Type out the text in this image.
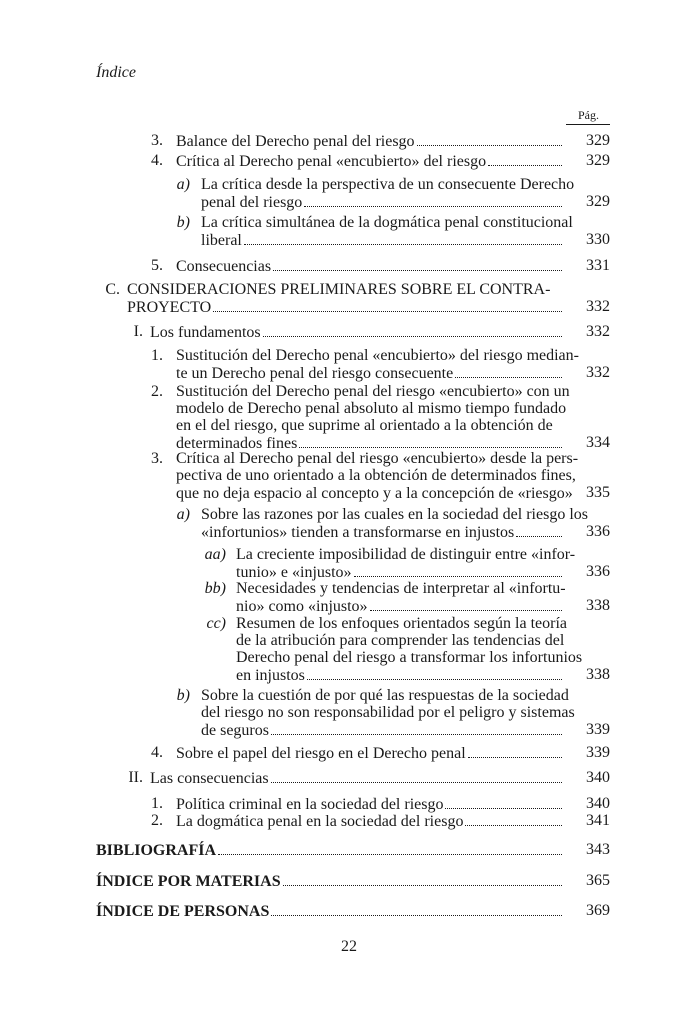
Índice
Pág.
3. Balance del Derecho penal del riesgo	329
4. Crítica al Derecho penal «encubierto» del riesgo	329
a) La crítica desde la perspectiva de un consecuente Derecho
penal del riesgo	329
b) La crítica simultánea de la dogmática penal constitucional
liberal	330
5. Consecuencias	331
C. CONSIDERACIONES PRELIMINARES SOBRE EL CONTRA-
PROYECTO	332
I. Los fundamentos	332
1. Sustitución del Derecho penal «encubierto» del riesgo median-
te un Derecho penal del riesgo consecuente	332
2. Sustitución del Derecho penal del riesgo «encubierto» con un
modelo de Derecho penal absoluto al mismo tiempo fundado
en el del riesgo, que suprime al orientado a la obtención de
determinados fines	334
3. Crítica al Derecho penal del riesgo «encubierto» desde la pers-
pectiva de uno orientado a la obtención de determinados fines,
que no deja espacio al concepto y a la concepción de «riesgo» 335
a) Sobre las razones por las cuales en la sociedad del riesgo los
«infortunios» tienden a transformarse en injustos	336
aa) La creciente imposibilidad de distinguir entre «infor-
tunio» e «injusto»	336
bb) Necesidades y tendencias de interpretar al «infortu-
nio» como «injusto»	338
cc) Resumen de los enfoques orientados según la teoría
de la atribución para comprender las tendencias del
Derecho penal del riesgo a transformar los infortunios
en injustos	338
b) Sobre la cuestión de por qué las respuestas de la sociedad
del riesgo no son responsabilidad por el peligro y sistemas
de seguros	339
4. Sobre el papel del riesgo en el Derecho penal	339
II. Las consecuencias	340
1. Política criminal en la sociedad del riesgo	340
2. La dogmática penal en la sociedad del riesgo	341
BIBLIOGRAFÍA	343
ÍNDICE POR MATERIAS	365
ÍNDICE DE PERSONAS	369
22
